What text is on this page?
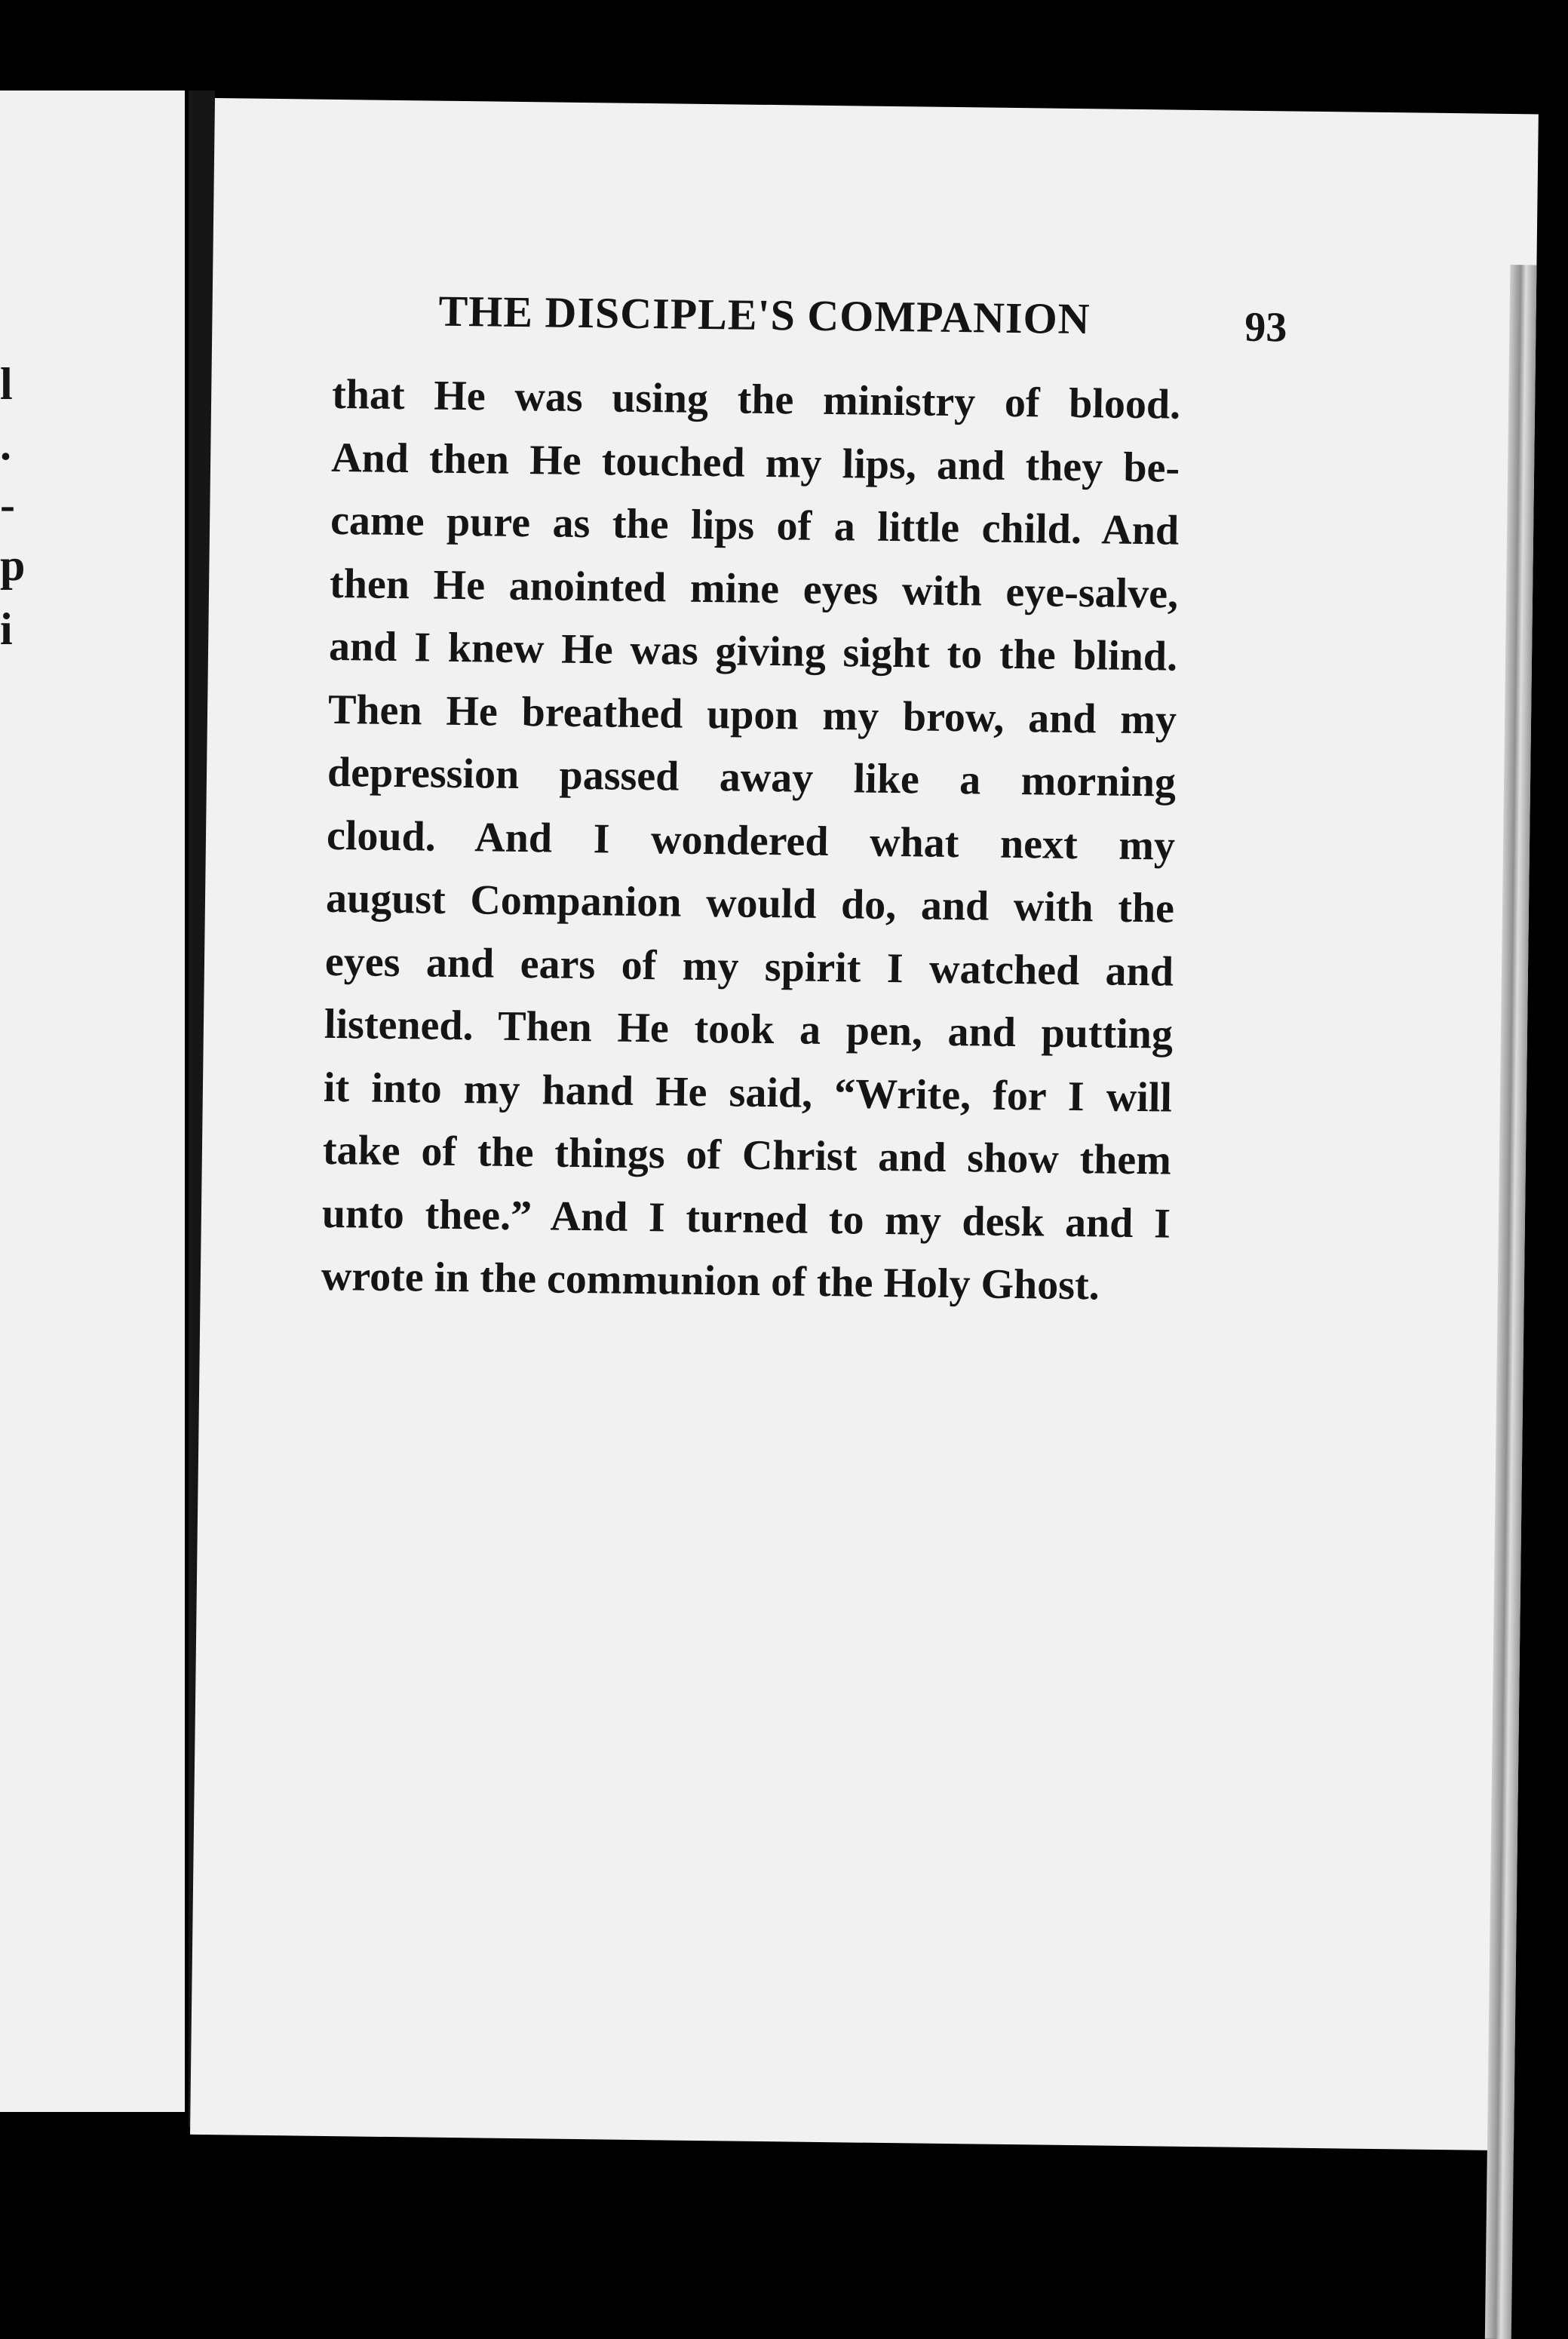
l
.
-
p
i
THE DISCIPLE'S COMPANION	93
that He was using the ministry of blood.
And then He touched my lips, and they be-
came pure as the lips of a little child. And
then He anointed mine eyes with eye-salve,
and I knew He was giving sight to the blind.
Then He breathed upon my brow, and my
depression passed away like a morning
cloud. And I wondered what next my
august Companion would do, and with the
eyes and ears of my spirit I watched and
listened. Then He took a pen, and putting
it into my hand He said, “Write, for I will
take of the things of Christ and show them
unto thee.” And I turned to my desk and I
wrote in the communion of the Holy Ghost.
